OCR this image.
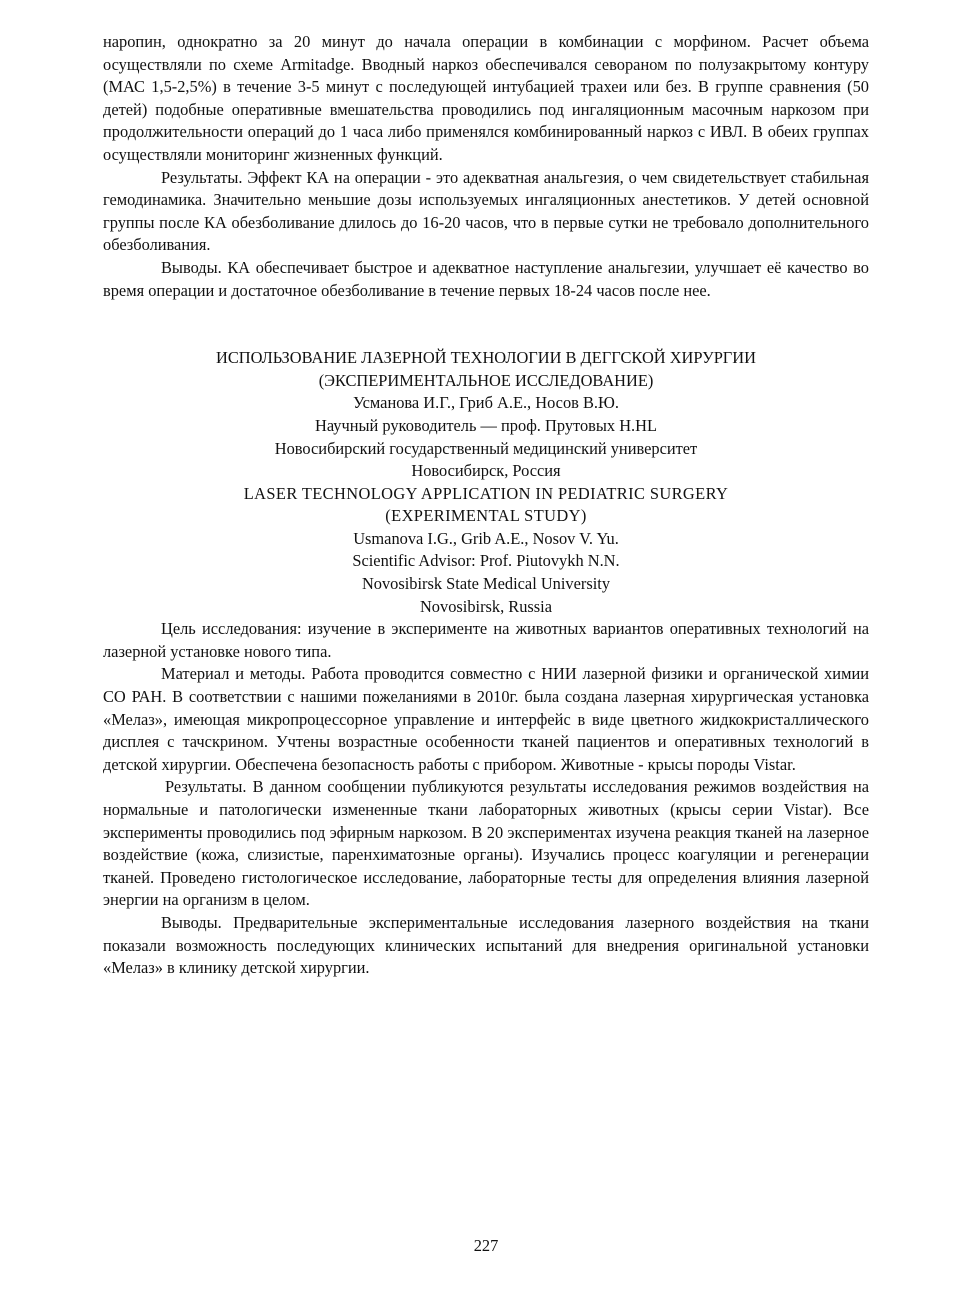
наропин, однократно за 20 минут до начала операции в комбинации с морфином. Расчет объема осуществляли по схеме Armitadge. Вводный наркоз обеспечивался севораном по полузакрытому контуру (МАС 1,5-2,5%) в течение 3-5 минут с последующей интубацией трахеи или без. В группе сравнения (50 детей) подобные оперативные вмешательства проводились под ингаляционным масочным наркозом при продолжительности операций до 1 часа либо применялся комбинированный наркоз с ИВЛ. В обеих группах осуществляли мониторинг жизненных функций.

Результаты. Эффект КА на операции - это адекватная анальгезия, о чем свидетельствует стабильная гемодинамика. Значительно меньшие дозы используемых ингаляционных анестетиков. У детей основной группы после КА обезболивание длилось до 16-20 часов, что в первые сутки не требовало дополнительного обезболивания.

Выводы. КА обеспечивает быстрое и адекватное наступление анальгезии, улучшает её качество во время операции и достаточное обезболивание в течение первых 18-24 часов после нее.

ИСПОЛЬЗОВАНИЕ ЛАЗЕРНОЙ ТЕХНОЛОГИИ В ДЕГГСКОЙ ХИРУРГИИ
(ЭКСПЕРИМЕНТАЛЬНОЕ ИССЛЕДОВАНИЕ)
Усманова И.Г., Гриб А.Е., Носов В.Ю.
Научный руководитель — проф. Прутовых H.HL
Новосибирский государственный медицинский университет
Новосибирск, Россия
LASER TECHNOLOGY APPLICATION IN PEDIATRIC SURGERY
(EXPERIMENTAL STUDY)
Usmanova I.G., Grib A.E., Nosov V. Yu.
Scientific Advisor: Prof. Piutovykh N.N.
Novosibirsk State Medical University
Novosibirsk, Russia

Цель исследования: изучение в эксперименте на животных вариантов оперативных технологий на лазерной установке нового типа.

Материал и методы. Работа проводится совместно с НИИ лазерной физики и органической химии СО РАН. В соответствии с нашими пожеланиями в 2010г. была создана лазерная хирургическая установка «Мелаз», имеющая микропроцессорное управление и интерфейс в виде цветного жидкокристаллического дисплея с тачскрином. Учтены возрастные особенности тканей пациентов и оперативных технологий в детской хирургии. Обеспечена безопасность работы с прибором. Животные - крысы породы Vistar.

Результаты. В данном сообщении публикуются результаты исследования режимов воздействия на нормальные и патологически измененные ткани лабораторных животных (крысы серии Vistar). Все эксперименты проводились под эфирным наркозом. В 20 экспериментах изучена реакция тканей на лазерное воздействие (кожа, слизистые, паренхиматозные органы). Изучались процесс коагуляции и регенерации тканей. Проведено гистологическое исследование, лабораторные тесты для определения влияния лазерной энергии на организм в целом.

Выводы. Предварительные экспериментальные исследования лазерного воздействия на ткани показали возможность последующих клинических испытаний для внедрения оригинальной установки «Мелаз» в клинику детской хирургии.

227
